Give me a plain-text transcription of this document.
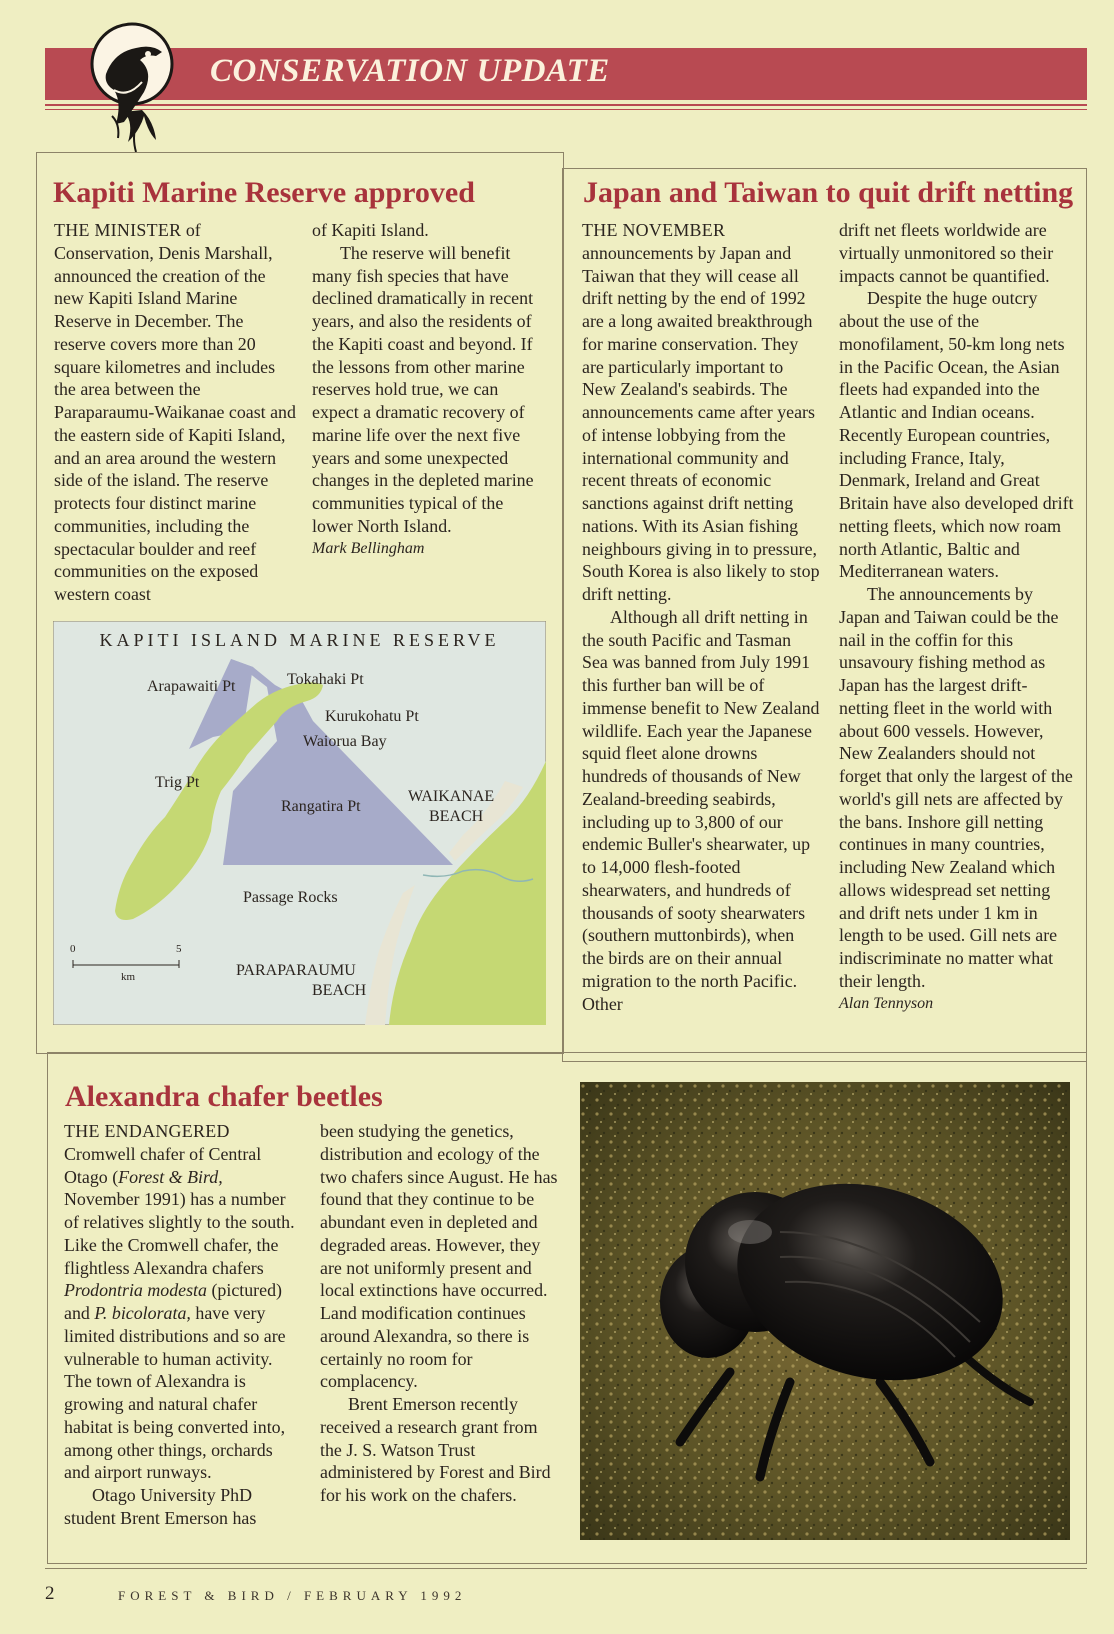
CONSERVATION UPDATE
Kapiti Marine Reserve approved

THE MINISTER of Conservation, Denis Marshall, announced the creation of the new Kapiti Island Marine Reserve in December. The reserve covers more than 20 square kilometres and includes the area between the Paraparaumu-Waikanae coast and the eastern side of Kapiti Island, and an area around the western side of the island. The reserve protects four distinct marine communities, including the spectacular boulder and reef communities on the exposed western coast

of Kapiti Island.

The reserve will benefit many fish species that have declined dramatically in recent years, and also the residents of the Kapiti coast and beyond. If the lessons from other marine reserves hold true, we can expect a dramatic recovery of marine life over the next five years and some unexpected changes in the depleted marine communities typical of the lower North Island.

Mark Bellingham

KAPITI ISLAND MARINE RESERVE
Arapawaiti Pt	Tokahaki Pt
Kurukohatu Pt
Waiorua Bay
Trig Pt
Rangatira Pt
WAIKANAE
BEACH
Passage Rocks
PARAPARAUMU
BEACH
0	5
km
Japan and Taiwan to quit drift netting

THE NOVEMBER announcements by Japan and Taiwan that they will cease all drift netting by the end of 1992 are a long awaited breakthrough for marine conservation. They are particularly important to New Zealand's seabirds. The announcements came after years of intense lobbying from the international community and recent threats of economic sanctions against drift netting nations. With its Asian fishing neighbours giving in to pressure, South Korea is also likely to stop drift netting.

Although all drift netting in the south Pacific and Tasman Sea was banned from July 1991 this further ban will be of immense benefit to New Zealand wildlife. Each year the Japanese squid fleet alone drowns hundreds of thousands of New Zealand-breeding seabirds, including up to 3,800 of our endemic Buller's shearwater, up to 14,000 flesh-footed shearwaters, and hundreds of thousands of sooty shearwaters (southern muttonbirds), when the birds are on their annual migration to the north Pacific. Other

drift net fleets worldwide are virtually unmonitored so their impacts cannot be quantified.

Despite the huge outcry about the use of the monofilament, 50-km long nets in the Pacific Ocean, the Asian fleets had expanded into the Atlantic and Indian oceans. Recently European countries, including France, Italy, Denmark, Ireland and Great Britain have also developed drift netting fleets, which now roam north Atlantic, Baltic and Mediterranean waters.

The announcements by Japan and Taiwan could be the nail in the coffin for this unsavoury fishing method as Japan has the largest drift-netting fleet in the world with about 600 vessels. However, New Zealanders should not forget that only the largest of the world's gill nets are affected by the bans. Inshore gill netting continues in many countries, including New Zealand which allows widespread set netting and drift nets under 1 km in length to be used. Gill nets are indiscriminate no matter what their length.

Alan Tennyson

Alexandra chafer beetles

THE ENDANGERED Cromwell chafer of Central Otago (Forest & Bird, November 1991) has a number of relatives slightly to the south. Like the Cromwell chafer, the flightless Alexandra chafers Prodontria modesta (pictured) and P. bicolorata, have very limited distributions and so are vulnerable to human activity. The town of Alexandra is growing and natural chafer habitat is being converted into, among other things, orchards and airport runways.

Otago University PhD student Brent Emerson has

been studying the genetics, distribution and ecology of the two chafers since August. He has found that they continue to be abundant even in depleted and degraded areas. However, they are not uniformly present and local extinctions have occurred. Land modification continues around Alexandra, so there is certainly no room for complacency.

Brent Emerson recently received a research grant from the J. S. Watson Trust administered by Forest and Bird for his work on the chafers.

2	FOREST & BIRD / FEBRUARY 1992
